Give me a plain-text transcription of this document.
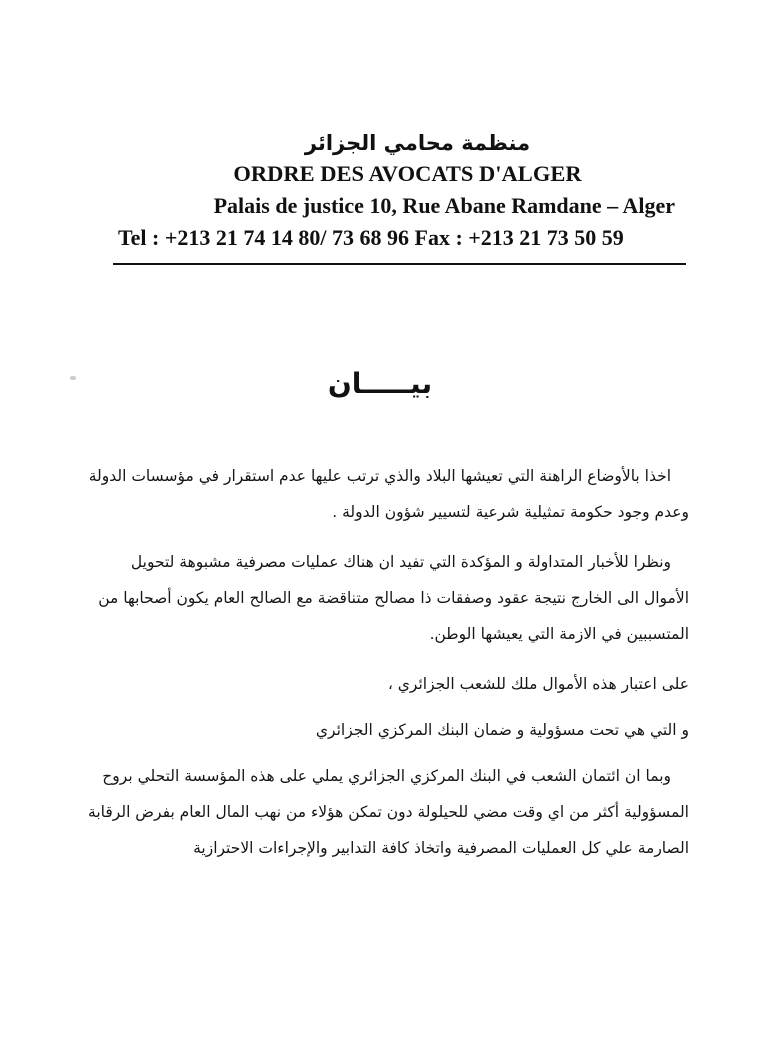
منظمة محامي الجزائر
ORDRE DES AVOCATS D'ALGER
Palais de justice 10, Rue Abane Ramdane – Alger
Tel : +213 21 74 14 80/ 73 68 96 Fax : +213 21 73 50 59
بيـــــان

اخذا بالأوضاع الراهنة التي تعيشها البلاد والذي ترتب عليها عدم استقرار في مؤسسات الدولة وعدم وجود حكومة تمثيلية شرعية لتسيير شؤون الدولة .

ونظرا للأخبار المتداولة و المؤكدة التي تفيد ان هناك عمليات مصرفية مشبوهة لتحويل الأموال الى الخارج نتيجة عقود وصفقات ذا مصالح متناقضة مع الصالح العام يكون أصحابها من المتسببين في الازمة التي يعيشها الوطن.

على اعتبار هذه الأموال ملك للشعب الجزائري ،

و التي هي تحت مسؤولية و ضمان البنك المركزي الجزائري

وبما ان ائتمان الشعب في البنك المركزي الجزائري يملي على هذه المؤسسة التحلي بروح المسؤولية أكثر من اي وقت مضي للحيلولة دون تمكن هؤلاء من نهب المال العام بفرض الرقابة الصارمة علي كل العمليات المصرفية واتخاذ كافة التدابير والإجراءات الاحترازية
